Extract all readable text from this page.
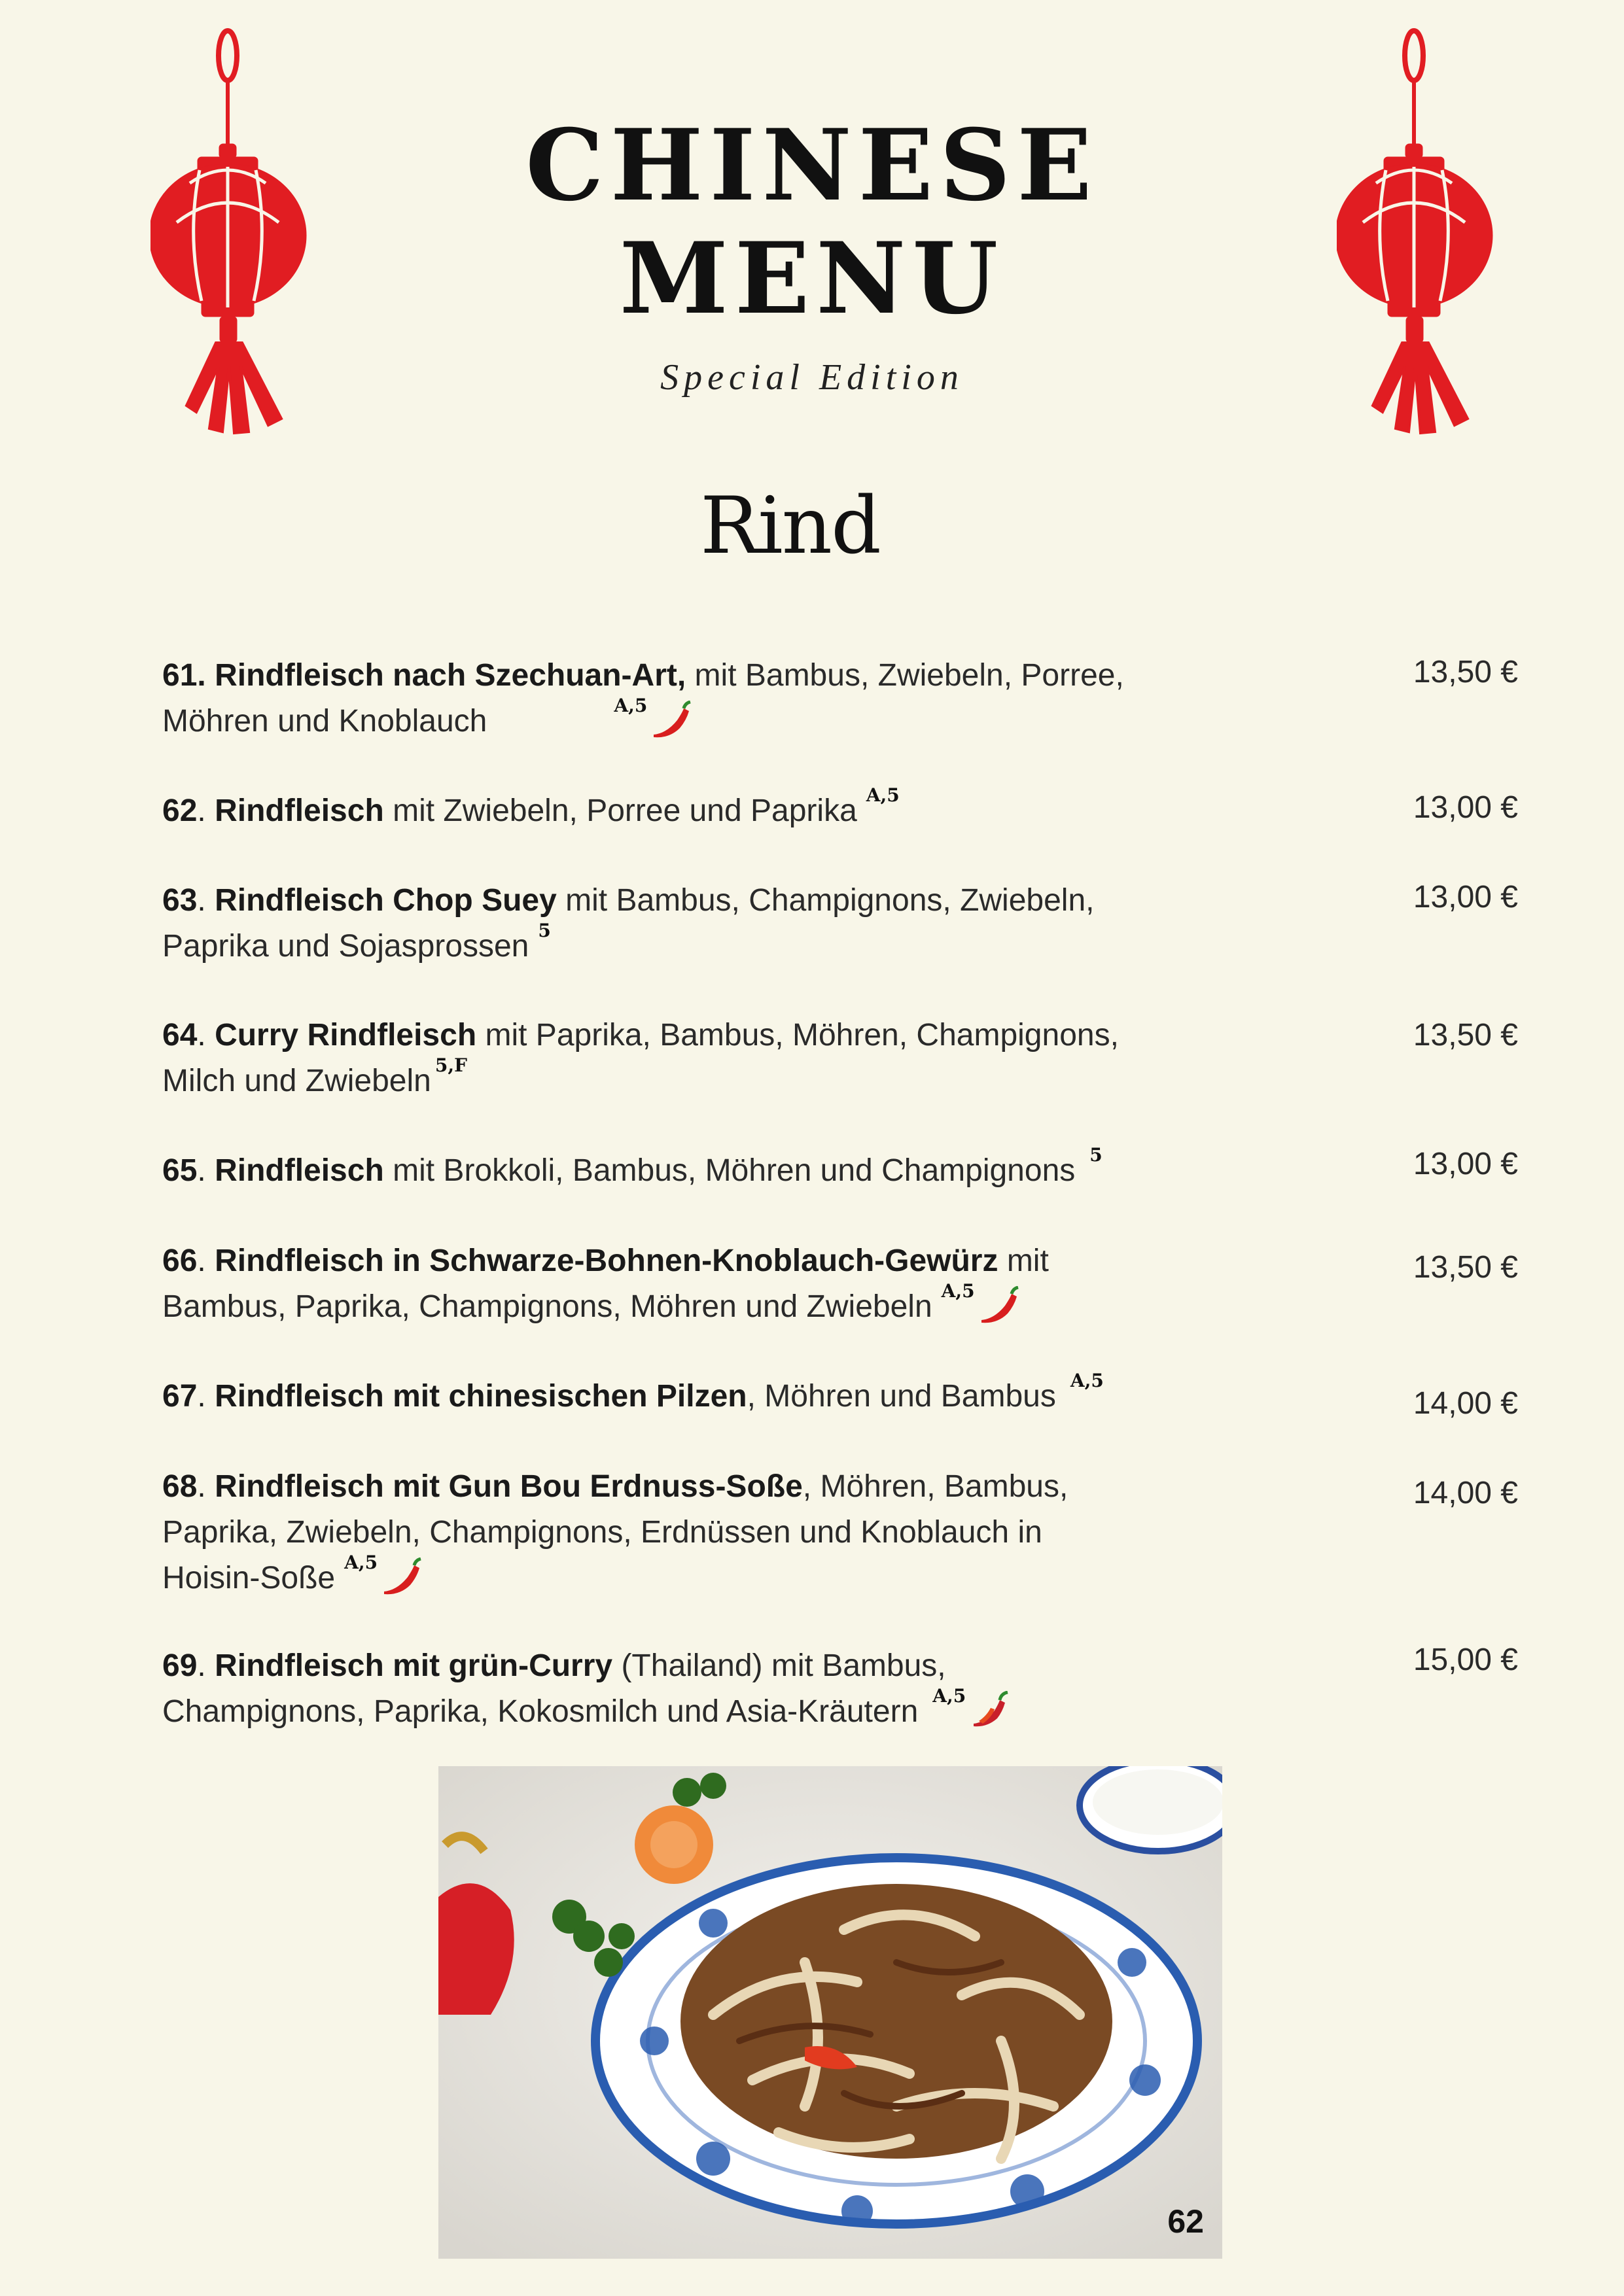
CHINESE
MENU
Special Edition
Rind
61. Rindfleisch nach Szechuan-Art, mit Bambus, Zwiebeln, Porree,
Möhren und Knoblauch	$^{A,5}$
13,50 €
62. Rindfleisch mit Zwiebeln, Porree und Paprika $^{A,5}$	13,00 €
63. Rindfleisch Chop Suey mit Bambus, Champignons, Zwiebeln,
Paprika und Sojasprossen $^5$
13,00 €
64. Curry Rindfleisch mit Paprika, Bambus, Möhren, Champignons,
Milch und Zwiebeln $^{5,F}$
13,50 €
65. Rindfleisch mit Brokkoli, Bambus, Möhren und Champignons $^5$	13,00 €
66. Rindfleisch in Schwarze-Bohnen-Knoblauch-Gewürz mit
Bambus, Paprika, Champignons, Möhren und Zwiebeln $^{A,5}$
13,50 €
67. Rindfleisch mit chinesischen Pilzen, Möhren und Bambus $^{A,5}$
14,00 €
68. Rindfleisch mit Gun Bou Erdnuss-Soße, Möhren, Bambus,
Paprika, Zwiebeln, Champignons, Erdnüssen und Knoblauch in
Hoisin-Soße $^{A,5}$
14,00 €
69. Rindfleisch mit grün-Curry (Thailand) mit Bambus,
Champignons, Paprika, Kokosmilch und Asia-Kräutern $^{A,5}$
15,00 €
62
